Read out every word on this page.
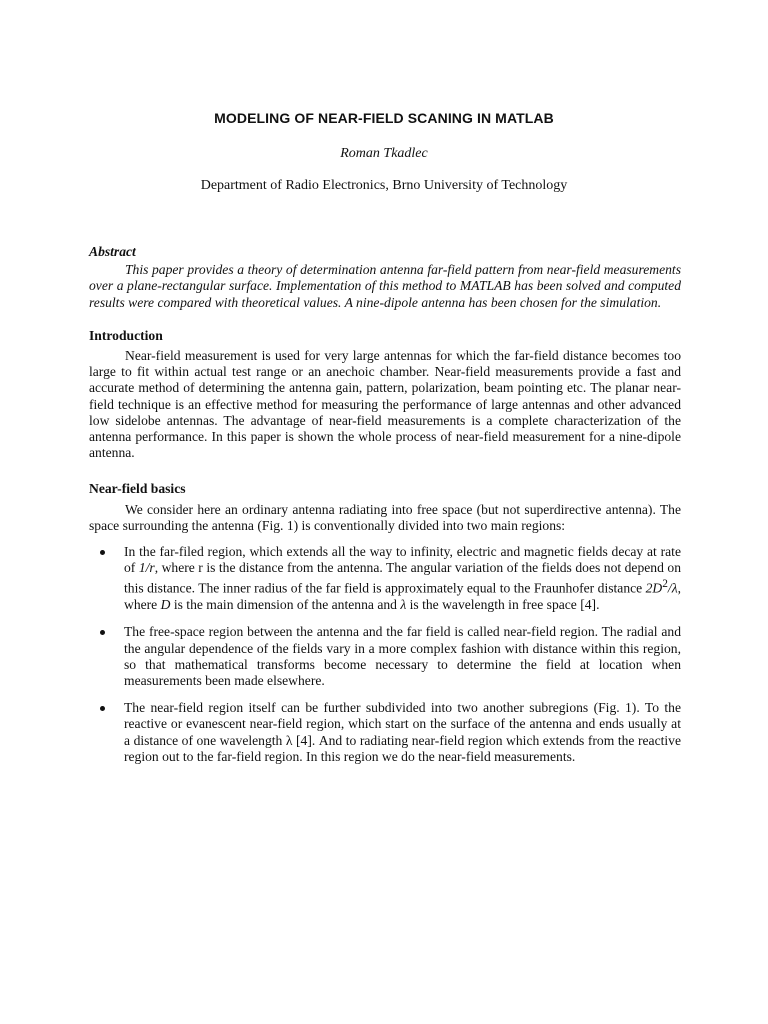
MODELING OF NEAR-FIELD SCANING IN MATLAB
Roman Tkadlec
Department of Radio Electronics, Brno University of Technology

Abstract

This paper provides a theory of determination antenna far-field pattern from near-field measurements over a plane-rectangular surface. Implementation of this method to MATLAB has been solved and computed results were compared with theoretical values. A nine-dipole antenna has been chosen for the simulation.

Introduction

Near-field measurement is used for very large antennas for which the far-field distance becomes too large to fit within actual test range or an anechoic chamber. Near-field measurements provide a fast and accurate method of determining the antenna gain, pattern, polarization, beam pointing etc. The planar near-field technique is an effective method for measuring the performance of large antennas and other advanced low sidelobe antennas. The advantage of near-field measurements is a complete characterization of the antenna performance. In this paper is shown the whole process of near-field measurement for a nine-dipole antenna.

Near-field basics

We consider here an ordinary antenna radiating into free space (but not superdirective antenna). The space surrounding the antenna (Fig. 1) is conventionally divided into two main regions:

In the far-filed region, which extends all the way to infinity, electric and magnetic fields decay at rate of 1/r, where r is the distance from the antenna. The angular variation of the fields does not depend on this distance. The inner radius of the far field is approximately equal to the Fraunhofer distance $2D^2/\lambda$, where D is the main dimension of the antenna and λ is the wavelength in free space [4].
The free-space region between the antenna and the far field is called near-field region. The radial and the angular dependence of the fields vary in a more complex fashion with distance within this region, so that mathematical transforms become necessary to determine the field at location when measurements been made elsewhere.
The near-field region itself can be further subdivided into two another subregions (Fig. 1). To the reactive or evanescent near-field region, which start on the surface of the antenna and ends usually at a distance of one wavelength λ [4]. And to radiating near-field region which extends from the reactive region out to the far-field region. In this region we do the near-field measurements.
